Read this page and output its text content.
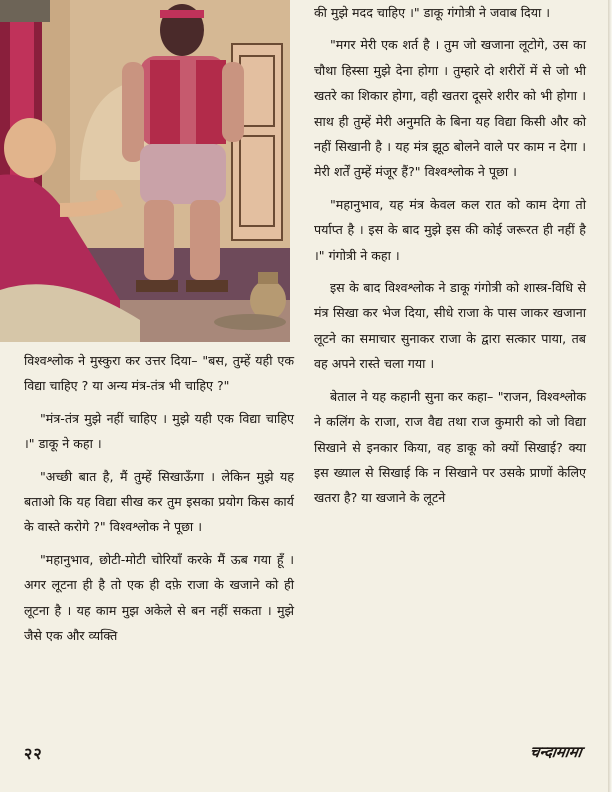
विश्वश्लोक ने मुस्कुरा कर उत्तर दिया– "बस, तुम्हें यही एक विद्या चाहिए ? या अन्य मंत्र-तंत्र भी चाहिए ?"

"मंत्र-तंत्र मुझे नहीं चाहिए । मुझे यही एक विद्या चाहिए ।" डाकू ने कहा ।

"अच्छी बात है, मैं तुम्हें सिखाऊँगा । लेकिन मुझे यह बताओ कि यह विद्या सीख कर तुम इसका प्रयोग किस कार्य के वास्ते करोगे ?" विश्वश्लोक ने पूछा ।

"महानुभाव, छोटी-मोटी चोरियाँ करके मैं ऊब गया हूँ । अगर लूटना ही है तो एक ही दफ़े राजा के खजाने को ही लूटना है । यह काम मुझ अकेले से बन नहीं सकता । मुझे जैसे एक और व्यक्ति

की मुझे मदद चाहिए ।" डाकू गंगोत्री ने जवाब दिया ।

"मगर मेरी एक शर्त है । तुम जो खजाना लूटोगे, उस का चौथा हिस्सा मुझे देना होगा । तुम्हारे दो शरीरों में से जो भी खतरे का शिकार होगा, वही खतरा दूसरे शरीर को भी होगा । साथ ही तुम्हें मेरी अनुमति के बिना यह विद्या किसी और को नहीं सिखानी है । यह मंत्र झूठ बोलने वाले पर काम न देगा । मेरी शर्तें तुम्हें मंजूर हैं?" विश्वश्लोक ने पूछा ।

"महानुभाव, यह मंत्र केवल कल रात को काम देगा तो पर्याप्त है । इस के बाद मुझे इस की कोई जरूरत ही नहीं है ।" गंगोत्री ने कहा ।

इस के बाद विश्वश्लोक ने डाकू गंगोत्री को शास्त्र-विधि से मंत्र सिखा कर भेज दिया, सीधे राजा के पास जाकर खजाना लूटने का समाचार सुनाकर राजा के द्वारा सत्कार पाया, तब वह अपने रास्ते चला गया ।

बेताल ने यह कहानी सुना कर कहा– "राजन, विश्वश्लोक ने कलिंग के राजा, राज वैद्य तथा राज कुमारी को जो विद्या सिखाने से इनकार किया, वह डाकू को क्यों सिखाई? क्या इस ख्याल से सिखाई कि न सिखाने पर उसके प्राणों केलिए खतरा है? या खजाने के लूटने

२२	चन्दामामा
